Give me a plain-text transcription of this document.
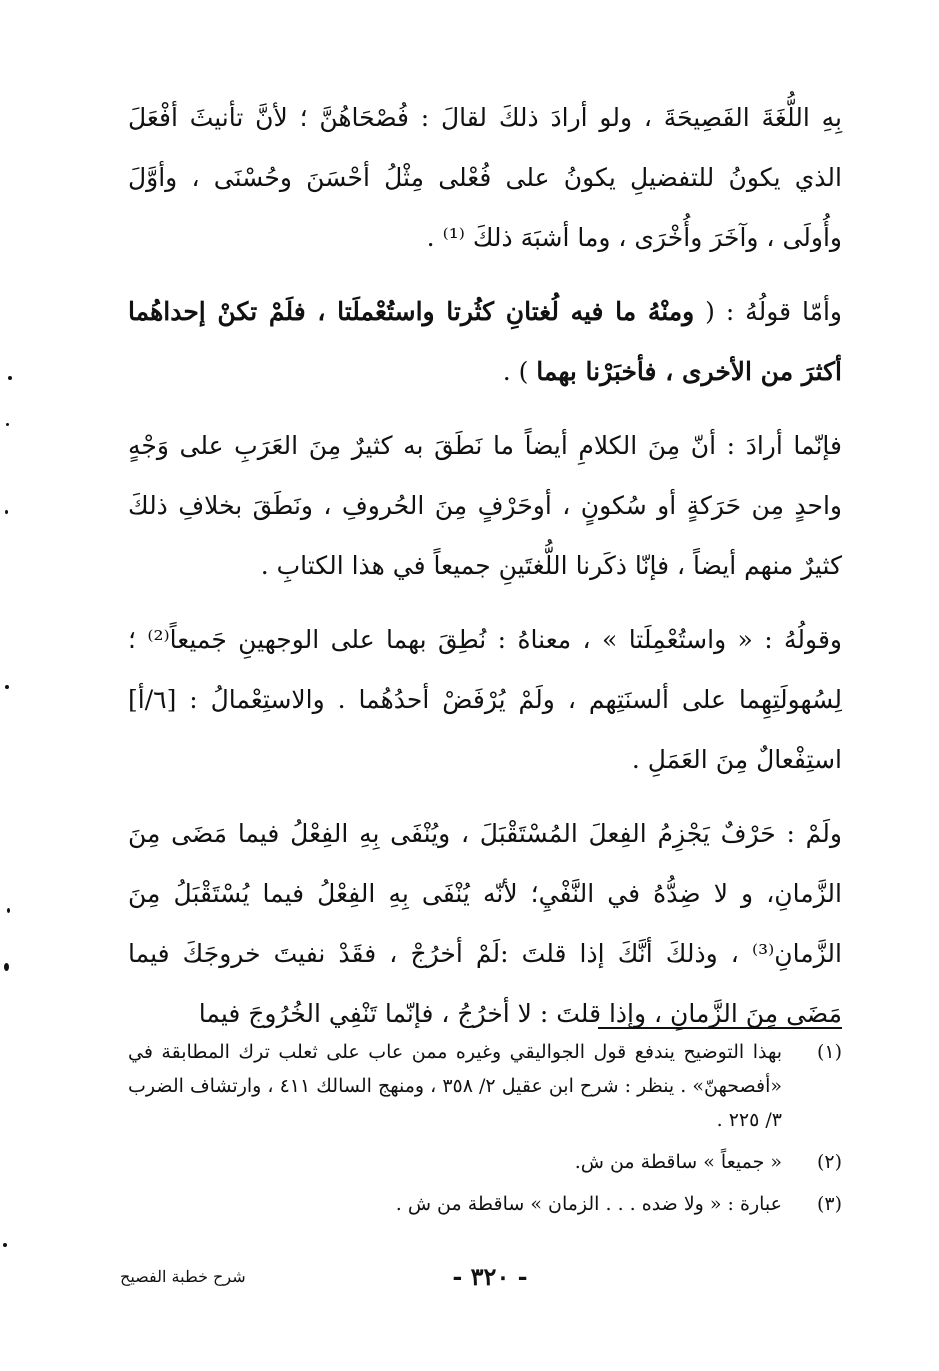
بِهِ اللُّغَةَ الفَصِيحَةَ ، ولو أرادَ ذلكَ لقالَ : فُصْحَاهُنَّ ؛ لأنَّ تأنيثَ أفْعَلَ الذي يكونُ للتفضيلِ يكونُ على فُعْلى مِثْلُ أحْسَنَ وحُسْنَى ، وأوَّلَ وأُولَى ، وآخَرَ وأُخْرَى ، وما أشبَهَ ذلكَ ⁽¹⁾ .

وأمّا قولُهُ : ( ومنْهُ ما فيه لُغتانِ كثُرتا واستُعْملَتا ، فلَمْ تكنْ إحداهُما أكثرَ من الأخرى ، فأخبَرْنا بهما ) .

فإنّما أرادَ : أنّ مِنَ الكلامِ أيضاً ما نَطَقَ به كثيرٌ مِنَ العَرَبِ على وَجْهٍ واحدٍ مِن حَرَكةٍ أو سُكونٍ ، أوحَرْفٍ مِنَ الحُروفِ ، ونَطَقَ بخلافِ ذلكَ كثيرٌ منهم أيضاً ، فإنّا ذكَرنا اللُّغتَينِ جميعاً في هذا الكتابِ .

وقولُهُ : « واستُعْمِلَتا » ، معناهُ : نُطِقَ بهما على الوجهينِ جَميعاً⁽²⁾ ؛ لِسُهولَتِهِما على ألسنَتِهم ، ولَمْ يُرْفَضْ أحدُهُما . والاستِعْمالُ : [٦/أ] استِفْعالٌ مِنَ العَمَلِ .

ولَمْ : حَرْفٌ يَجْزِمُ الفِعلَ المُسْتَقْبَلَ ، ويُنْفَى بِهِ الفِعْلُ فيما مَضَى مِنَ الزَّمانِ، و لا ضِدُّهُ في النَّفْيِ؛ لأنّه يُنْفَى بِهِ الفِعْلُ فيما يُسْتَقْبَلُ مِنَ الزَّمانِ⁽³⁾ ، وذلكَ أنَّكَ إذا قلتَ :لَمْ أخرُجْ ، فقَدْ نفيتَ خروجَكَ فيما مَضَى مِنَ الزَّمانِ ، وإذا قلتَ : لا أخرُجُ ، فإنّما تَنْفِي الخُرُوجَ فيما

(١)
بهذا التوضيح يندفع قول الجواليقي وغيره ممن عاب على ثعلب ترك المطابقة في «أفصحهنّ» . ينظر : شرح ابن عقيل ٢/ ٣٥٨ ، ومنهج السالك ٤١١ ، وارتشاف الضرب ٣/ ٢٢٥ .
(٢)
« جميعاً » ساقطة من ش.
(٣)
عبارة : « ولا ضده . . . الزمان » ساقطة من ش .
- ٣٢٠ -
شرح خطبة الفصيح
